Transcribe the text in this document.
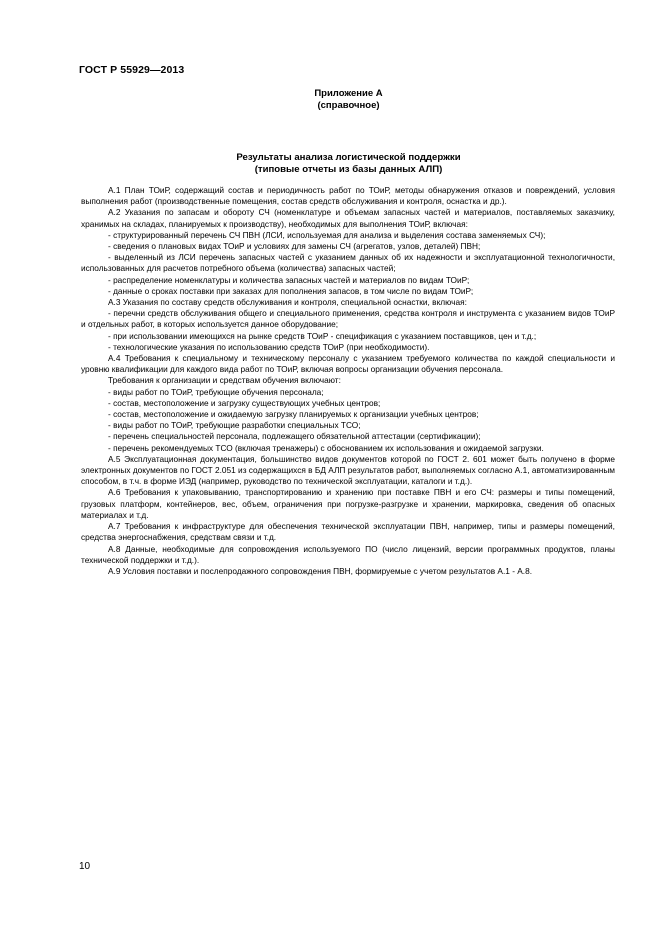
ГОСТ Р 55929—2013
Приложение А
(справочное)
Результаты анализа логистической поддержки
(типовые отчеты из базы данных АЛП)

А.1 План ТОиР, содержащий состав и периодичность работ по ТОиР, методы обнаружения отказов и повреждений, условия выполнения работ (производственные помещения, состав средств обслуживания и контроля, оснастка и др.).

А.2 Указания по запасам и обороту СЧ (номенклатуре и объемам запасных частей и материалов, поставляемых заказчику, хранимых на складах, планируемых к производству), необходимых для выполнения ТОиР, включая:

- структурированный перечень СЧ ПВН (ЛСИ, используемая для анализа и выделения состава заменяемых СЧ);

- сведения о плановых видах ТОиР и условиях для замены СЧ (агрегатов, узлов, деталей) ПВН;

- выделенный из ЛСИ перечень запасных частей с указанием данных об их надежности и эксплуатационной технологичности, использованных для расчетов потребного объема (количества) запасных частей;

- распределение номенклатуры и количества запасных частей и материалов по видам ТОиР;

- данные о сроках поставки при заказах для пополнения запасов, в том числе по видам ТОиР;

А.3 Указания по составу средств обслуживания и контроля, специальной оснастки, включая:

- перечни средств обслуживания общего и специального применения, средства контроля и инструмента с указанием видов ТОиР и отдельных работ, в которых используется данное оборудование;

- при использовании имеющихся на рынке средств ТОиР - спецификация с указанием поставщиков, цен и т.д.;

- технологические указания по использованию средств ТОиР (при необходимости).

А.4 Требования к специальному и техническому персоналу с указанием требуемого количества по каждой специальности и уровню квалификации для каждого вида работ по ТОиР, включая вопросы организации обучения персонала.

Требования к организации и средствам обучения включают:

- виды работ по ТОиР, требующие обучения персонала;

- состав, местоположение и загрузку существующих учебных центров;

- состав, местоположение и ожидаемую загрузку планируемых к организации учебных центров;

- виды работ по ТОиР, требующие разработки специальных ТСО;

- перечень специальностей персонала, подлежащего обязательной аттестации (сертификации);

- перечень рекомендуемых ТСО (включая тренажеры) с обоснованием их использования и ожидаемой загрузки.

А.5 Эксплуатационная документация, большинство видов документов которой по ГОСТ 2. 601 может быть получено в форме электронных документов по ГОСТ 2.051 из содержащихся в БД АЛП результатов работ, выполняемых согласно А.1, автоматизированным способом, в т.ч. в форме ИЭД (например, руководство по технической эксплуатации, каталоги и т.д.).

А.6 Требования к упаковыванию, транспортированию и хранению при поставке ПВН и его СЧ: размеры и типы помещений, грузовых платформ, контейнеров, вес, объем, ограничения при погрузке-разгрузке и хранении, маркировка, сведения об опасных материалах и т.д.

А.7 Требования к инфраструктуре для обеспечения технической эксплуатации ПВН, например, типы и размеры помещений, средства энергоснабжения, средствам связи и т.д.

А.8 Данные, необходимые для сопровождения используемого ПО (число лицензий, версии программных продуктов, планы технической поддержки и т.д.).

А.9 Условия поставки и послепродажного сопровождения ПВН, формируемые с учетом результатов А.1 - А.8.

10
